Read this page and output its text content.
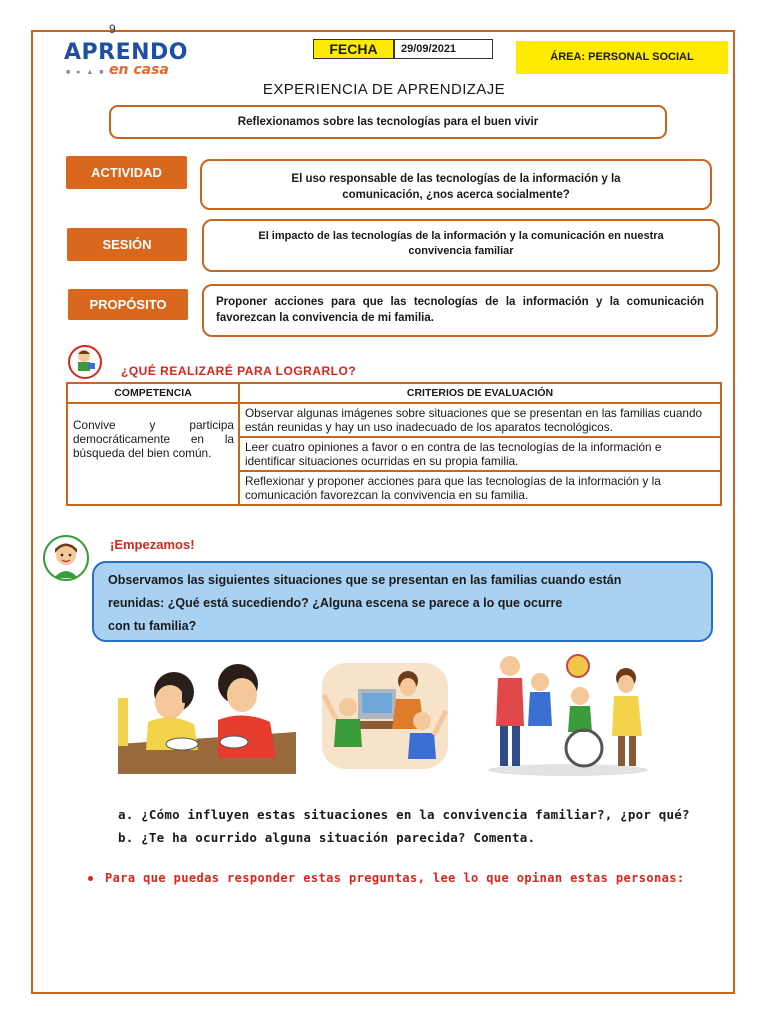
9
APRENDO
en casa
■ ● ▲ ■
FECHA	29/09/2021
ÁREA: PERSONAL SOCIAL
EXPERIENCIA DE APRENDIZAJE
Reflexionamos sobre las tecnologías para el buen vivir
ACTIVIDAD	El uso responsable de las tecnologías de la información y la
comunicación, ¿nos acerca socialmente?
SESIÓN
El impacto de las tecnologías de la información y la comunicación en nuestra
convivencia familiar
PROPÓSITO	Proponer acciones para que las tecnologías de la información y la comunicación favorezcan la convivencia de mi familia.
¿QUÉ REALIZARÉ PARA LOGRARLO?
COMPETENCIA	CRITERIOS DE EVALUACIÓN
Convive y participa democráticamente en la búsqueda del bien común.	Observar algunas imágenes sobre situaciones que se presentan en las familias cuando están reunidas y hay un uso inadecuado de los aparatos tecnológicos.
	Leer cuatro opiniones a favor o en contra de las tecnologías de la información e identificar situaciones ocurridas en su propia familia.
	Reflexionar y proponer acciones para que las tecnologías de la información y la comunicación favorezcan la convivencia en su familia.
¡Empezamos!
Observamos las siguientes situaciones que se presentan en las familias cuando están
reunidas: ¿Qué está sucediendo? ¿Alguna escena se parece a lo que ocurre
con tu familia?
a. ¿Cómo influyen estas situaciones en la convivencia familiar?, ¿por qué?
b. ¿Te ha ocurrido alguna situación parecida? Comenta.
Para que puedas responder estas preguntas, lee lo que opinan estas personas:
